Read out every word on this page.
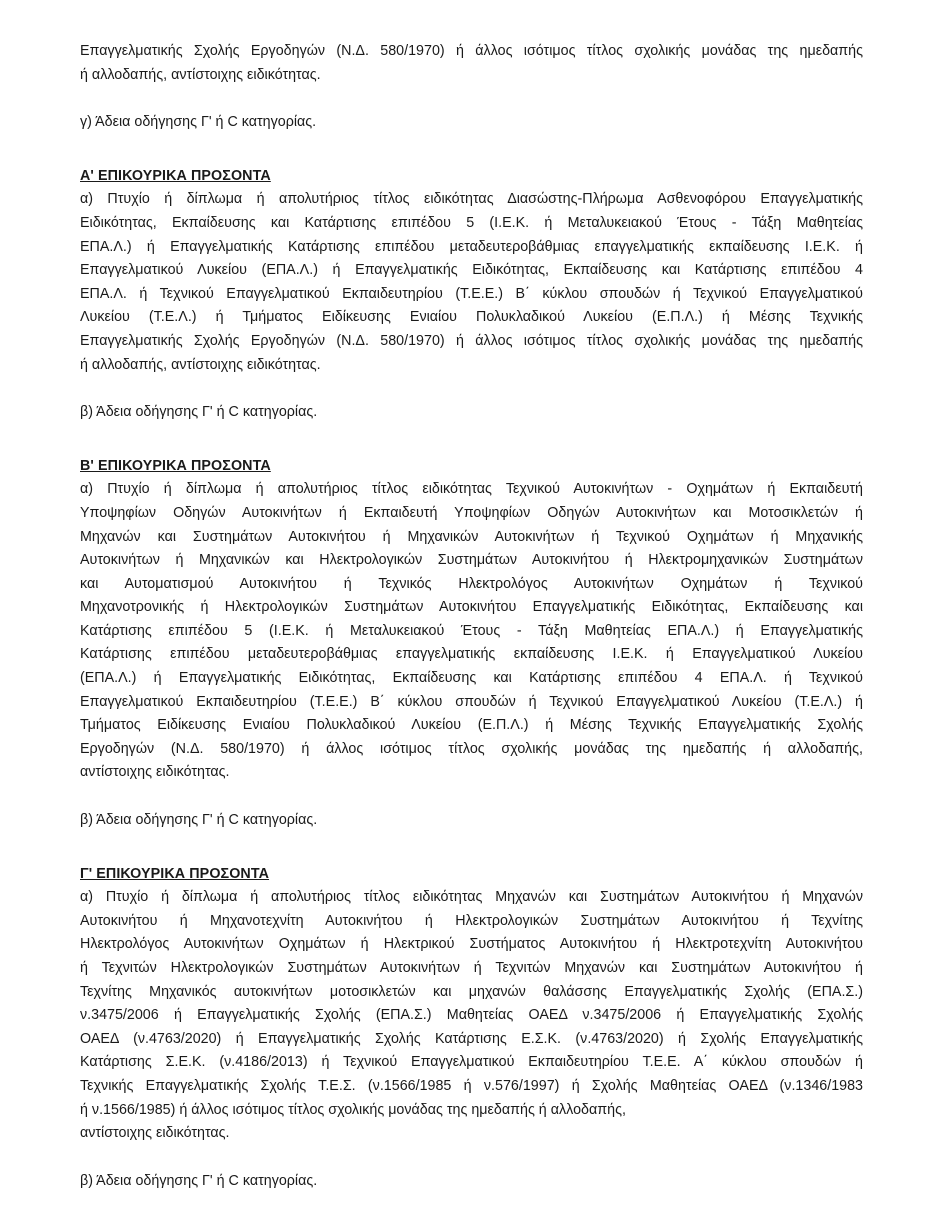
Επαγγελματικής Σχολής Εργοδηγών (Ν.Δ. 580/1970) ή άλλος ισότιμος τίτλος σχολικής μονάδας της ημεδαπής
ή αλλοδαπής, αντίστοιχης ειδικότητας.

γ) Άδεια οδήγησης Γ' ή C κατηγορίας.

Α' ΕΠΙΚΟΥΡΙΚΑ ΠΡΟΣΟΝΤΑ

α) Πτυχίο ή δίπλωμα ή απολυτήριος τίτλος ειδικότητας Διασώστης-Πλήρωμα Ασθενοφόρου Επαγγελματικής
Ειδικότητας, Εκπαίδευσης και Κατάρτισης επιπέδου 5 (Ι.Ε.Κ. ή Μεταλυκειακού Έτους - Τάξη Μαθητείας
ΕΠΑ.Λ.) ή Επαγγελματικής Κατάρτισης επιπέδου μεταδευτεροβάθμιας επαγγελματικής εκπαίδευσης Ι.Ε.Κ. ή
Επαγγελματικού Λυκείου (ΕΠΑ.Λ.) ή Επαγγελματικής Ειδικότητας, Εκπαίδευσης και Κατάρτισης επιπέδου 4
ΕΠΑ.Λ. ή Τεχνικού Επαγγελματικού Εκπαιδευτηρίου (Τ.Ε.Ε.) Β΄ κύκλου σπουδών ή Τεχνικού Επαγγελματικού
Λυκείου (Τ.Ε.Λ.) ή Τμήματος Ειδίκευσης Ενιαίου Πολυκλαδικού Λυκείου (Ε.Π.Λ.) ή Μέσης Τεχνικής
Επαγγελματικής Σχολής Εργοδηγών (Ν.Δ. 580/1970) ή άλλος ισότιμος τίτλος σχολικής μονάδας της ημεδαπής
ή αλλοδαπής, αντίστοιχης ειδικότητας.

β) Άδεια οδήγησης Γ' ή C κατηγορίας.

Β' ΕΠΙΚΟΥΡΙΚΑ ΠΡΟΣΟΝΤΑ

α) Πτυχίο ή δίπλωμα ή απολυτήριος τίτλος ειδικότητας Τεχνικού Αυτοκινήτων - Οχημάτων ή Εκπαιδευτή
Υποψηφίων Οδηγών Αυτοκινήτων ή Εκπαιδευτή Υποψηφίων Οδηγών Αυτοκινήτων και Μοτοσικλετών ή
Μηχανών και Συστημάτων Αυτοκινήτου ή Μηχανικών Αυτοκινήτων ή Τεχνικού Οχημάτων ή Μηχανικής
Αυτοκινήτων ή Μηχανικών και Ηλεκτρολογικών Συστημάτων Αυτοκινήτου ή Ηλεκτρομηχανικών Συστημάτων
και Αυτοματισμού Αυτοκινήτου ή Τεχνικός Ηλεκτρολόγος Αυτοκινήτων Οχημάτων ή Τεχνικού
Μηχανοτρονικής ή Ηλεκτρολογικών Συστημάτων Αυτοκινήτου Επαγγελματικής Ειδικότητας, Εκπαίδευσης και
Κατάρτισης επιπέδου 5 (Ι.Ε.Κ. ή Μεταλυκειακού Έτους - Τάξη Μαθητείας ΕΠΑ.Λ.) ή Επαγγελματικής
Κατάρτισης επιπέδου μεταδευτεροβάθμιας επαγγελματικής εκπαίδευσης Ι.Ε.Κ. ή Επαγγελματικού Λυκείου
(ΕΠΑ.Λ.) ή Επαγγελματικής Ειδικότητας, Εκπαίδευσης και Κατάρτισης επιπέδου 4 ΕΠΑ.Λ. ή Τεχνικού
Επαγγελματικού Εκπαιδευτηρίου (Τ.Ε.Ε.) Β΄ κύκλου σπουδών ή Τεχνικού Επαγγελματικού Λυκείου (Τ.Ε.Λ.) ή
Τμήματος Ειδίκευσης Ενιαίου Πολυκλαδικού Λυκείου (Ε.Π.Λ.) ή Μέσης Τεχνικής Επαγγελματικής Σχολής
Εργοδηγών (Ν.Δ. 580/1970) ή άλλος ισότιμος τίτλος σχολικής μονάδας της ημεδαπής ή αλλοδαπής,
αντίστοιχης ειδικότητας.

β) Άδεια οδήγησης Γ' ή C κατηγορίας.

Γ' ΕΠΙΚΟΥΡΙΚΑ ΠΡΟΣΟΝΤΑ

α) Πτυχίο ή δίπλωμα ή απολυτήριος τίτλος ειδικότητας Μηχανών και Συστημάτων Αυτοκινήτου ή Μηχανών
Αυτοκινήτου ή Μηχανοτεχνίτη Αυτοκινήτου ή Ηλεκτρολογικών Συστημάτων Αυτοκινήτου ή Τεχνίτης
Ηλεκτρολόγος Αυτοκινήτων Οχημάτων ή Ηλεκτρικού Συστήματος Αυτοκινήτου ή Ηλεκτροτεχνίτη Αυτοκινήτου
ή Τεχνιτών Ηλεκτρολογικών Συστημάτων Αυτοκινήτων ή Τεχνιτών Μηχανών και Συστημάτων Αυτοκινήτου ή
Τεχνίτης Μηχανικός αυτοκινήτων μοτοσικλετών και μηχανών θαλάσσης Επαγγελματικής Σχολής (ΕΠΑ.Σ.)
ν.3475/2006 ή Επαγγελματικής Σχολής (ΕΠΑ.Σ.) Μαθητείας ΟΑΕΔ ν.3475/2006 ή Επαγγελματικής Σχολής
ΟΑΕΔ (ν.4763/2020) ή Επαγγελματικής Σχολής Κατάρτισης Ε.Σ.Κ. (ν.4763/2020) ή Σχολής Επαγγελματικής
Κατάρτισης Σ.Ε.Κ. (ν.4186/2013) ή Τεχνικού Επαγγελματικού Εκπαιδευτηρίου Τ.Ε.Ε. Α΄ κύκλου σπουδών ή
Τεχνικής Επαγγελματικής Σχολής Τ.Ε.Σ. (ν.1566/1985 ή ν.576/1997) ή Σχολής Μαθητείας ΟΑΕΔ (ν.1346/1983
ή ν.1566/1985) ή άλλος ισότιμος τίτλος σχολικής μονάδας της ημεδαπής ή αλλοδαπής,
αντίστοιχης ειδικότητας.

β) Άδεια οδήγησης Γ' ή C κατηγορίας.
